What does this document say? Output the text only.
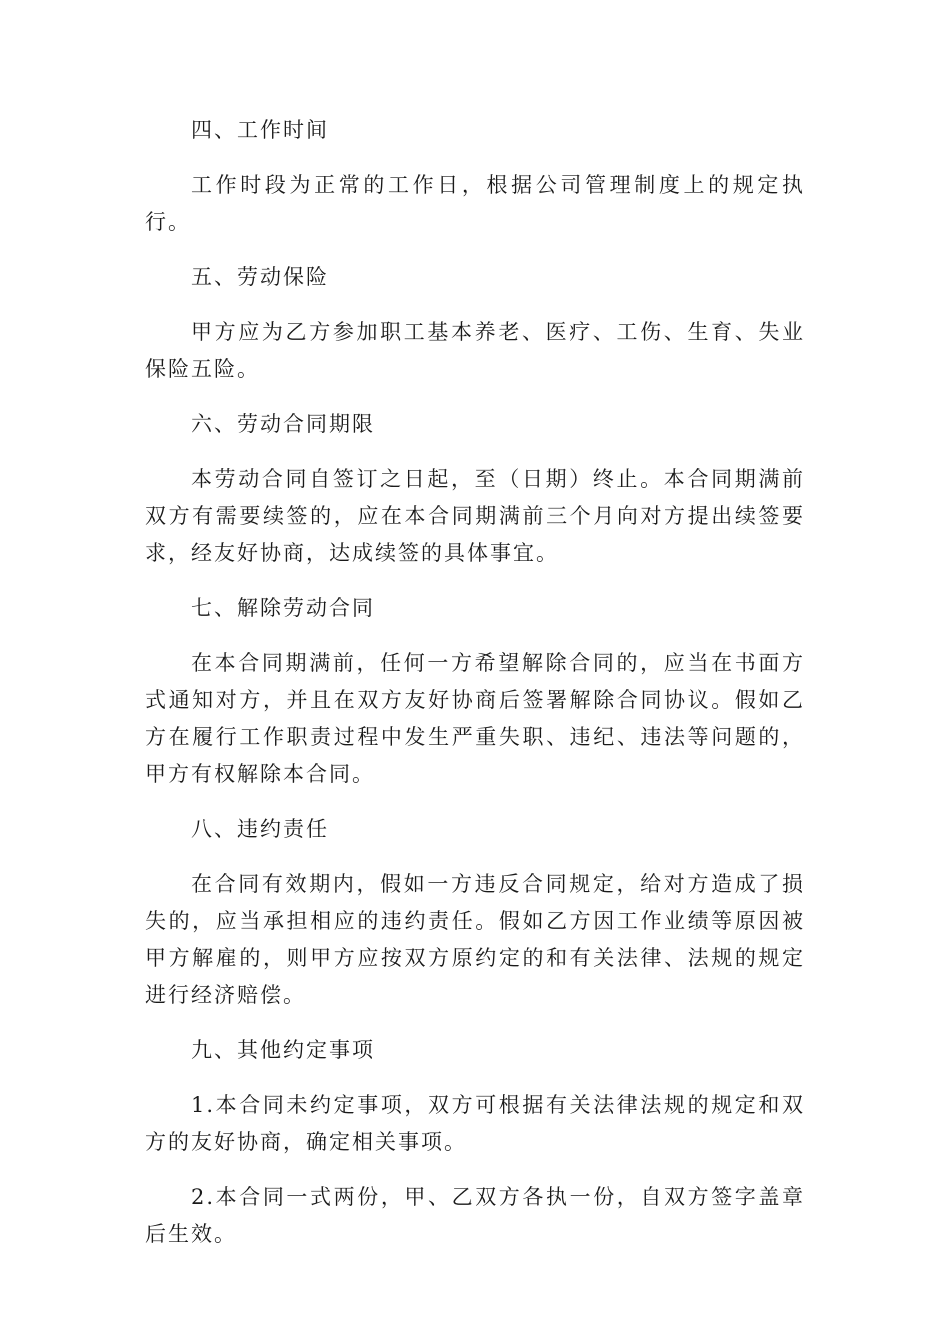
四、工作时间

工作时段为正常的工作日，根据公司管理制度上的规定执行。

五、劳动保险

甲方应为乙方参加职工基本养老、医疗、工伤、生育、失业保险五险。

六、劳动合同期限

本劳动合同自签订之日起，至（日期）终止。本合同期满前双方有需要续签的，应在本合同期满前三个月向对方提出续签要求，经友好协商，达成续签的具体事宜。

七、解除劳动合同

在本合同期满前，任何一方希望解除合同的，应当在书面方式通知对方，并且在双方友好协商后签署解除合同协议。假如乙方在履行工作职责过程中发生严重失职、违纪、违法等问题的，甲方有权解除本合同。

八、违约责任

在合同有效期内，假如一方违反合同规定，给对方造成了损失的，应当承担相应的违约责任。假如乙方因工作业绩等原因被甲方解雇的，则甲方应按双方原约定的和有关法律、法规的规定进行经济赔偿。

九、其他约定事项

1.本合同未约定事项，双方可根据有关法律法规的规定和双方的友好协商，确定相关事项。

2.本合同一式两份，甲、乙双方各执一份，自双方签字盖章后生效。
